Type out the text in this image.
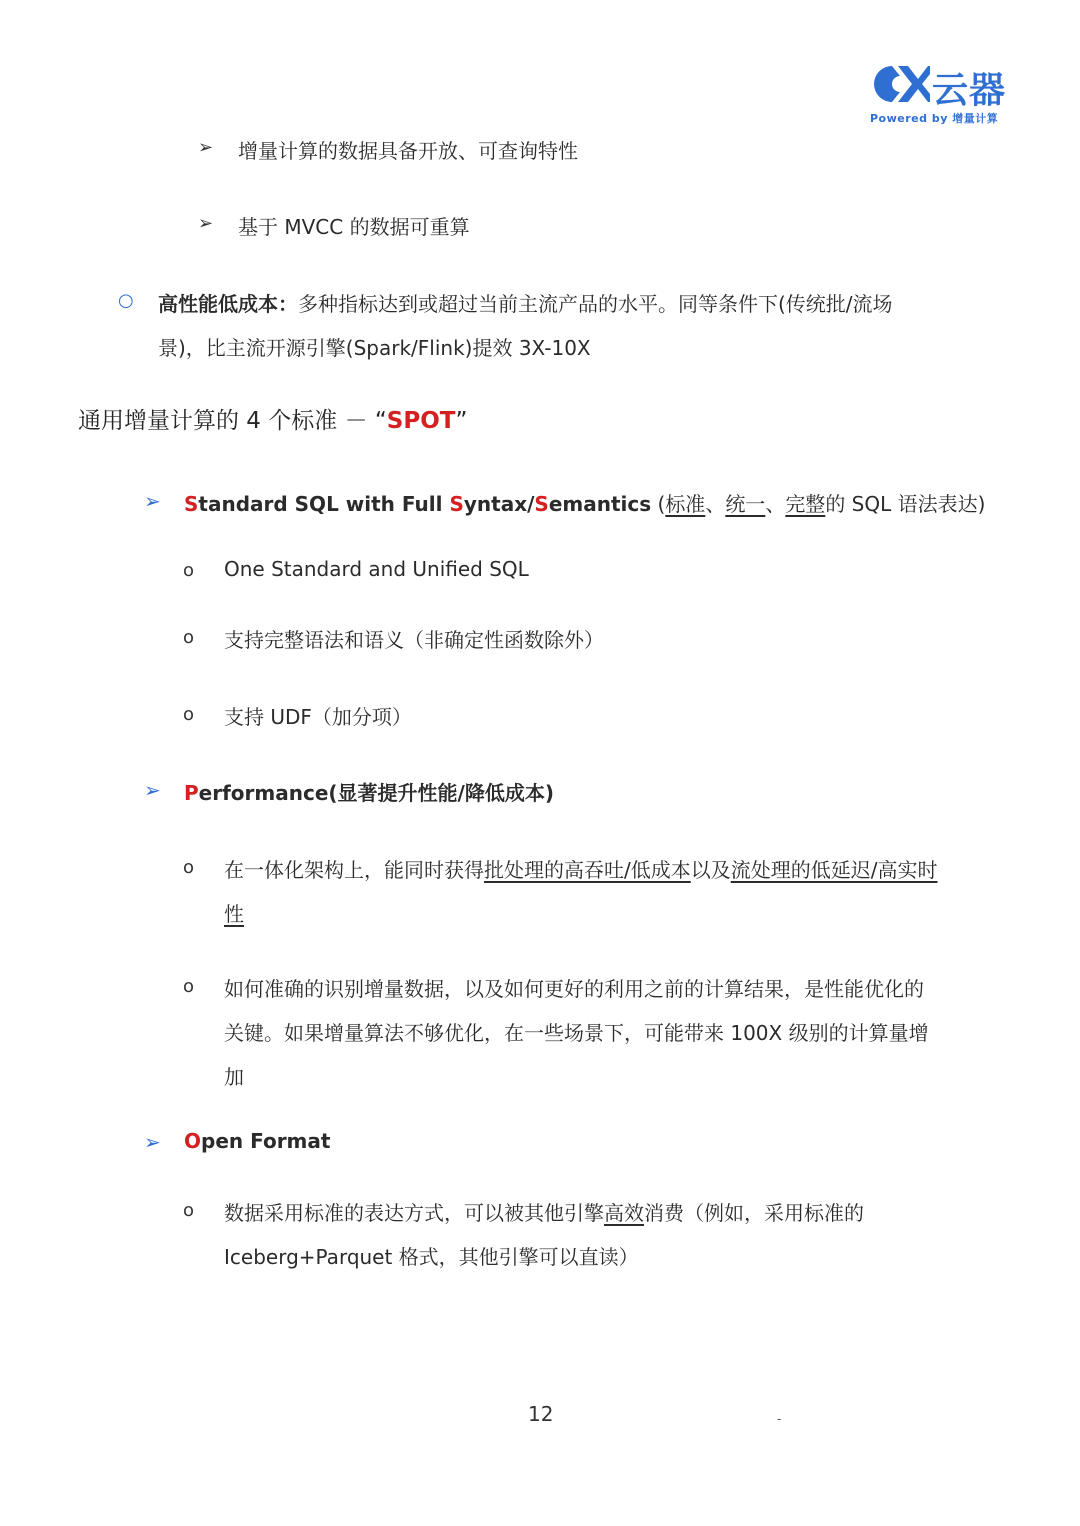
云器
Powered by 增量计算
➢ 增量计算的数据具备开放、可查询特性
➢ 基于 MVCC 的数据可重算
○ 高性能低成本：多种指标达到或超过当前主流产品的水平。同等条件下(传统批/流场
景)，比主流开源引擎(Spark/Flink)提效 3X-10X
通用增量计算的 4 个标准 － “SPOT”
➢ Standard SQL with Full Syntax/Semantics (标准、统一、完整的 SQL 语法表达)
o One Standard and Unified SQL
o 支持完整语法和语义（非确定性函数除外）
o 支持 UDF（加分项）
➢ Performance(显著提升性能/降低成本)
o 在一体化架构上，能同时获得批处理的高吞吐/低成本以及流处理的低延迟/高实时
性
o 如何准确的识别增量数据，以及如何更好的利用之前的计算结果，是性能优化的
关键。如果增量算法不够优化，在一些场景下，可能带来 100X 级别的计算量增
加
➢ Open Format
o 数据采用标准的表达方式，可以被其他引擎高效消费（例如，采用标准的
Iceberg+Parquet 格式，其他引擎可以直读）
12	-
